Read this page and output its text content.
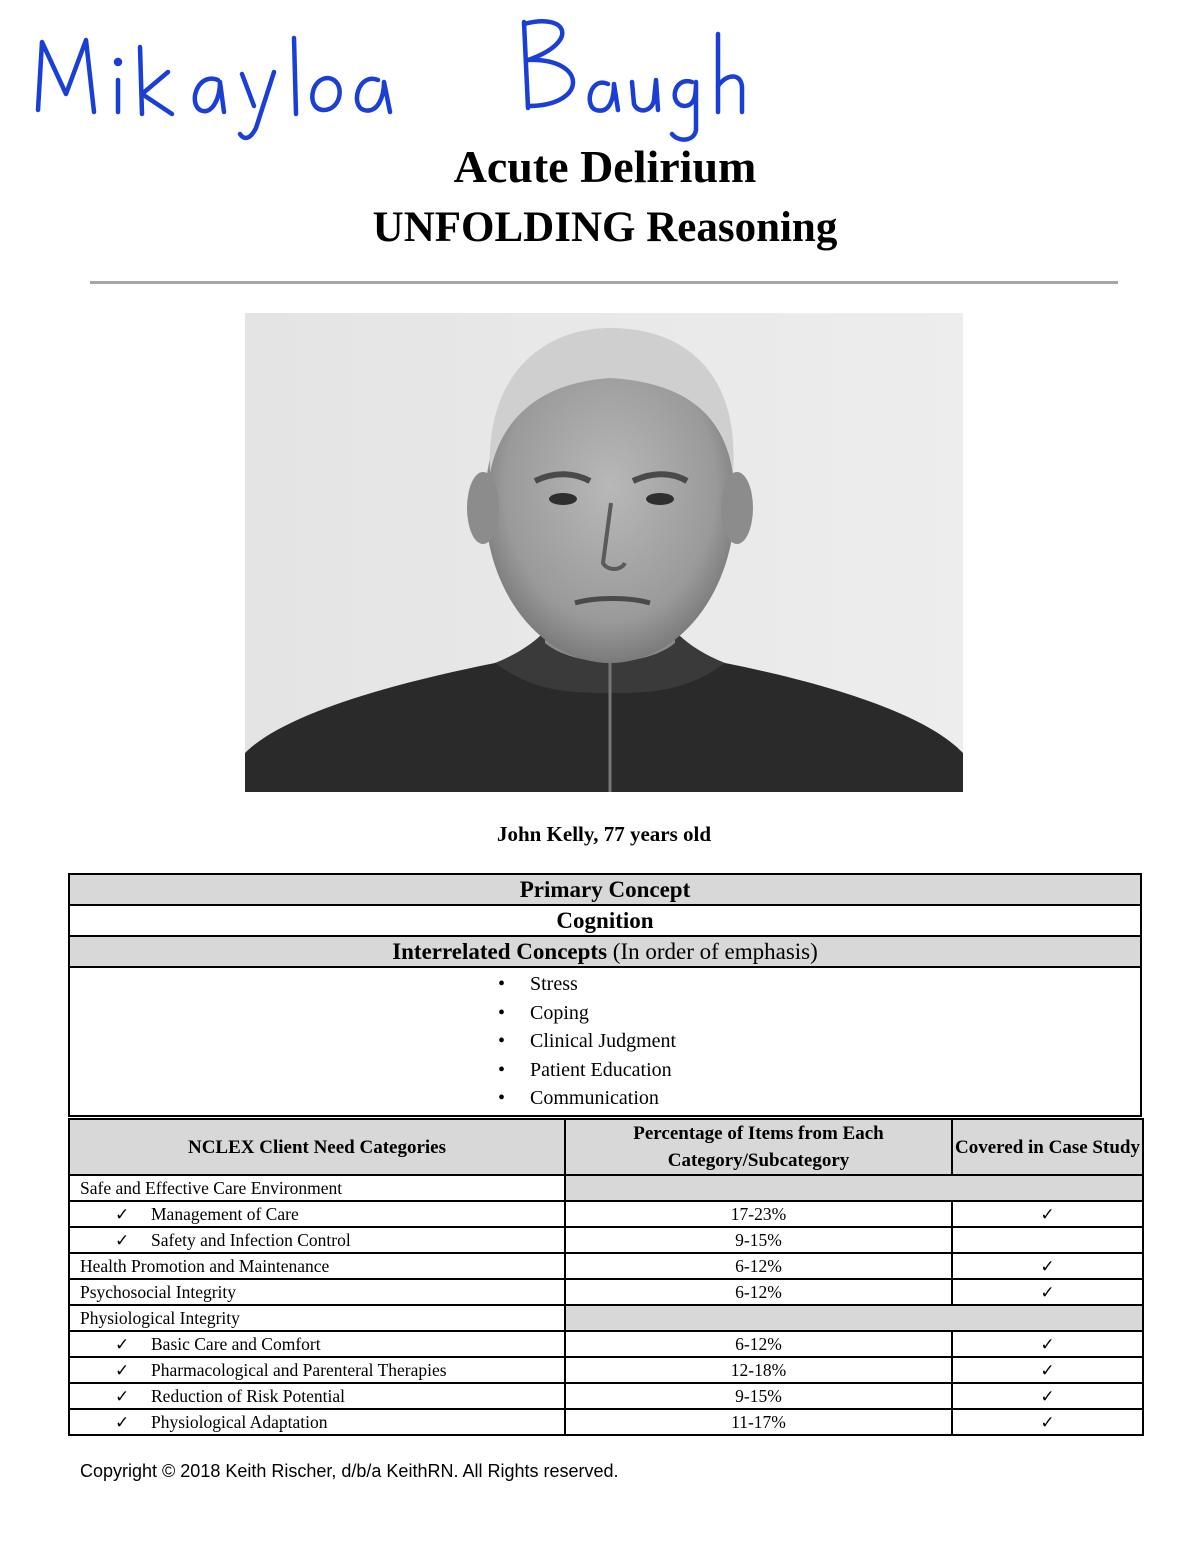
Acute Delirium
UNFOLDING Reasoning
John Kelly, 77 years old
Primary Concept
Cognition
Interrelated Concepts (In order of emphasis)

• Stress
• Coping
• Clinical Judgment
• Patient Education
• Communication
NCLEX Client Need Categories	Percentage of Items from Each Category/Subcategory	Covered in Case Study
Safe and Effective Care Environment		
✓ Management of Care	17-23%	✓
✓ Safety and Infection Control	9-15%	
Health Promotion and Maintenance	6-12%	✓
Psychosocial Integrity	6-12%	✓
Physiological Integrity		
✓ Basic Care and Comfort	6-12%	✓
✓ Pharmacological and Parenteral Therapies	12-18%	✓
✓ Reduction of Risk Potential	9-15%	✓
✓ Physiological Adaptation	11-17%	✓
Copyright © 2018 Keith Rischer, d/b/a KeithRN. All Rights reserved.
